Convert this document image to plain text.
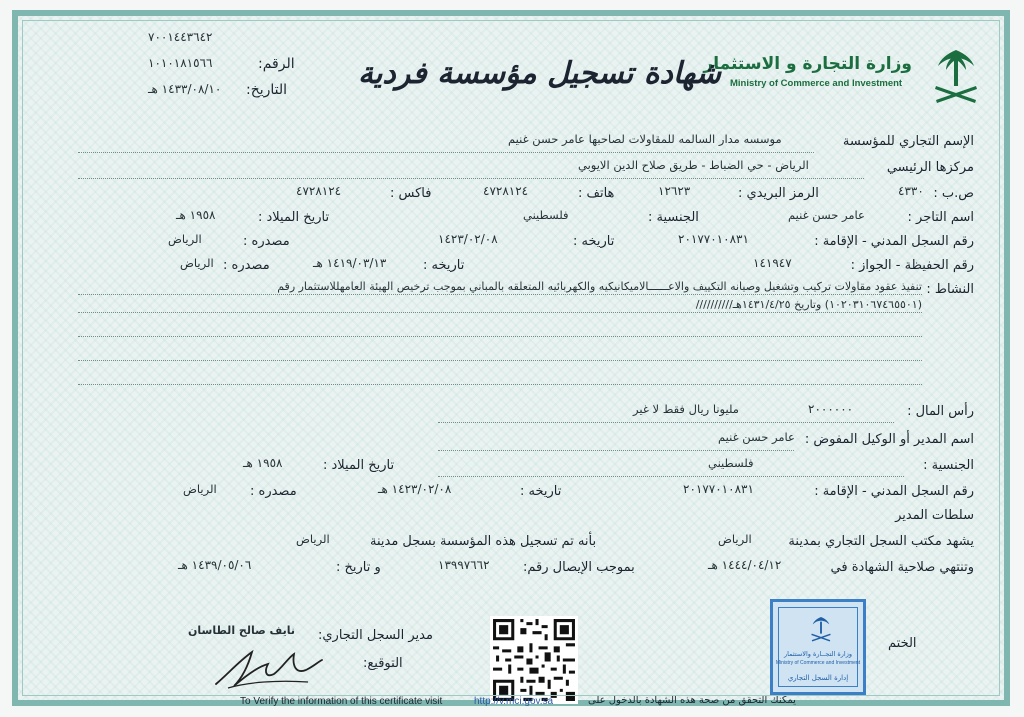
وزارة التجارة و الاستثمار
Ministry of Commerce and Investment
شهادة تسجيل مؤسسة فردية
٧٠٠١٤٤٣٦٤٢
الرقم:
١٠١٠١٨١٥٦٦
التاريخ:
١٤٣٣/٠٨/١٠ هـ
الإسم التجاري للمؤسسة
موسسه مدار السالمه للمقاولات لصاحبها عامر حسن غنيم
مركزها الرئيسي
الرياض - حي الضباط - طريق صلاح الدين الايوبي
ص.ب :
٤٣٣٠
الرمز البريدي :
١٢٦٢٣
هاتف :
٤٧٢٨١٢٤
فاكس :
٤٧٢٨١٢٤
اسم التاجر :
عامر حسن غنيم
الجنسية :
فلسطيني
تاريخ الميلاد :
١٩٥٨ هـ
رقم السجل المدني - الإقامة :
٢٠١٧٧٠١٠٨٣١
تاريخه :
١٤٢٣/٠٢/٠٨
مصدره :
الرياض
رقم الحفيظة - الجواز :
١٤١٩٤٧
تاريخه :
١٤١٩/٠٣/١٣ هـ
مصدره :
الرياض
النشاط :
تنفيذ عقود مقاولات تركيب وتشغيل وصيانه التكييف والاعــــــالاميكانيكيه والكهربائيه المتعلقه بالمباني بموجب ترخيص الهيئة العامهللاستثمار رقم
(١٠٢٠٣١٠٦٧٤٦٥٥٠١) وتاريخ ١٤٣١/٤/٢٥هـ//////////
رأس المال :
٢٠٠٠٠٠٠
مليونا ريال فقط لا غير
اسم المدير أو الوكيل المفوض :
عامر حسن غنيم
الجنسية :
فلسطيني
تاريخ الميلاد :
١٩٥٨ هـ
رقم السجل المدني - الإقامة :
٢٠١٧٧٠١٠٨٣١
تاريخه :
١٤٢٣/٠٢/٠٨ هـ
مصدره :
الرياض
سلطات المدير
يشهد مكتب السجل التجاري بمدينة
الرياض
بأنه تم تسجيل هذه المؤسسة بسجل مدينة
الرياض
وتنتهي صلاحية الشهادة في
١٤٤٤/٠٤/١٢ هـ
بموجب الإيصال رقم:
١٣٩٩٧٦٦٢
و تاريخ :
١٤٣٩/٠٥/٠٦ هـ
الختم
وزارة التجــارة والاستثمار
Ministry of Commerce and Investment
إدارة السجل التجاري
مدير السجل التجاري:
نايف صالح الطاسان
التوقيع:
To Verify the information of this certificate visit	http://v.mci.gov.sa	يمكنك التحقق من صحة هذه الشهادة بالدخول على
